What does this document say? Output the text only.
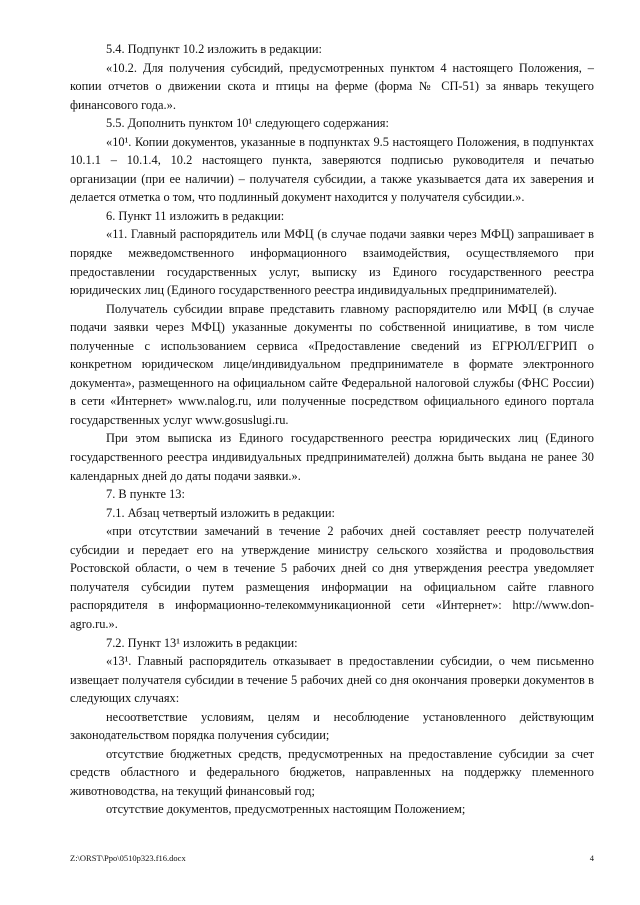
5.4. Подпункт 10.2 изложить в редакции:

«10.2. Для получения субсидий, предусмотренных пунктом 4 настоящего Положения, – копии отчетов о движении скота и птицы на ферме (форма № СП-51) за январь текущего финансового года.».

5.5. Дополнить пунктом 10¹ следующего содержания:

«10¹. Копии документов, указанные в подпунктах 9.5 настоящего Положения, в подпунктах 10.1.1 – 10.1.4, 10.2 настоящего пункта, заверяются подписью руководителя и печатью организации (при ее наличии) – получателя субсидии, а также указывается дата их заверения и делается отметка о том, что подлинный документ находится у получателя субсидии.».

6. Пункт 11 изложить в редакции:

«11. Главный распорядитель или МФЦ (в случае подачи заявки через МФЦ) запрашивает в порядке межведомственного информационного взаимодействия, осуществляемого при предоставлении государственных услуг, выписку из Единого государственного реестра юридических лиц (Единого государственного реестра индивидуальных предпринимателей).

Получатель субсидии вправе представить главному распорядителю или МФЦ (в случае подачи заявки через МФЦ) указанные документы по собственной инициативе, в том числе полученные с использованием сервиса «Предоставление сведений из ЕГРЮЛ/ЕГРИП о конкретном юридическом лице/индивидуальном предпринимателе в формате электронного документа», размещенного на официальном сайте Федеральной налоговой службы (ФНС России) в сети «Интернет» www.nalog.ru, или полученные посредством официального единого портала государственных услуг www.gosuslugi.ru.

При этом выписка из Единого государственного реестра юридических лиц (Единого государственного реестра индивидуальных предпринимателей) должна быть выдана не ранее 30 календарных дней до даты подачи заявки.».

7. В пункте 13:

7.1. Абзац четвертый изложить в редакции:

«при отсутствии замечаний в течение 2 рабочих дней составляет реестр получателей субсидии и передает его на утверждение министру сельского хозяйства и продовольствия Ростовской области, о чем в течение 5 рабочих дней со дня утверждения реестра уведомляет получателя субсидии путем размещения информации на официальном сайте главного распорядителя в информационно-телекоммуникационной сети «Интернет»: http://www.don-agro.ru.».

7.2. Пункт 13¹ изложить в редакции:

«13¹. Главный распорядитель отказывает в предоставлении субсидии, о чем письменно извещает получателя субсидии в течение 5 рабочих дней со дня окончания проверки документов в следующих случаях:

несоответствие условиям, целям и несоблюдение установленного действующим законодательством порядка получения субсидии;

отсутствие бюджетных средств, предусмотренных на предоставление субсидии за счет средств областного и федерального бюджетов, направленных на поддержку племенного животноводства, на текущий финансовый год;

отсутствие документов, предусмотренных настоящим Положением;

Z:\ORST\Ppo\0510p323.f16.docx	4
